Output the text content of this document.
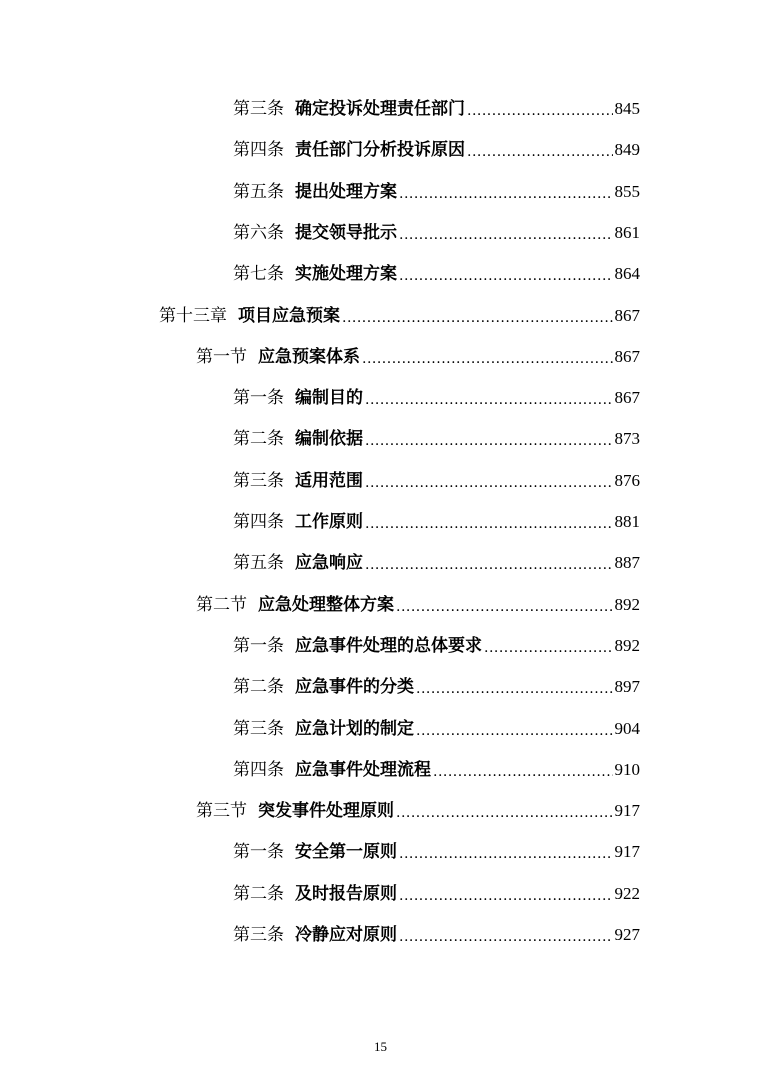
第三条 确定投诉处理责任部门 .....	845
第四条 责任部门分析投诉原因 .....	849
第五条 提出处理方案 .....	855
第六条 提交领导批示 .....	861
第七条 实施处理方案 .....	864
第十三章 项目应急预案 .....	867
第一节 应急预案体系 .....	867
第一条 编制目的 .....	867
第二条 编制依据 .....	873
第三条 适用范围 .....	876
第四条 工作原则 .....	881
第五条 应急响应 .....	887
第二节 应急处理整体方案 .....	892
第一条 应急事件处理的总体要求 .....	892
第二条 应急事件的分类 .....	897
第三条 应急计划的制定 .....	904
第四条 应急事件处理流程 .....	910
第三节 突发事件处理原则 .....	917
第一条 安全第一原则 .....	917
第二条 及时报告原则 .....	922
第三条 冷静应对原则 .....	927
15
